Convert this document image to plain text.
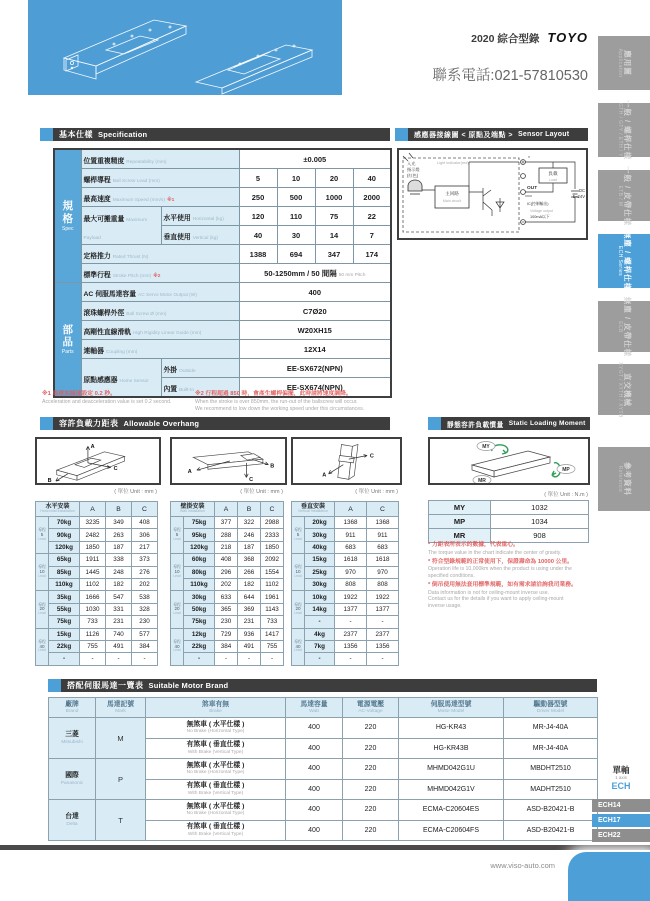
2020 綜合型錄 TOYO
聯系電話:021-57810530
基本仕樣 Specification	感應器接線圖 < 原點及端點 > Sensor Layout
容許負載力距表 Allowable Overhang	靜態容許負載慣量 Static Loading Moment
搭配伺服馬達一覽表 Suitable Motor Brand
規格
Spec	位置重複精度 Repeatability (mm)		±0.005			
	螺桿導程 Ball Screw Lead (mm)		5	10	20	40
	最高速度 Maximum Speed (mm/s) ※1		250	500	1000	2000
	最大可搬重量 Maximum Payload	水平使用 Horizontal (kg)	120	110	75	22
		垂直使用 Vertical (kg)	40	30	14	7
	定格推力 Rated Thrust (N)		1388	694	347	174
	標準行程 Stroke Pitch (mm) ※2		50-1250mm / 50 間隔 50 mm Pitch			

部品
Parts	AC 伺服馬達容量 AC Servo Motor Output (W)		400			
	滾珠螺桿外徑 Ball Screw Ø (mm)		C7Ø20			
	高剛性直線滑軌 High Rigidity Linear Guide (mm)		W20XH15			
	連軸器 Coupling (mm)		12X14			
	原點感應器 Home Sensor	外掛 Outside	EE-SX672(NPN)			
		內置 Built-In	EE-SX674(NPN)			
入光
指示燈
(紅色)
Light indicator(red)
主回路
Main circuit
*
OUT
IC(控制輸出)
Voltage output
100mA以下
負載
Load
DC
5~24V
※1 馬達加減速設定 0.2 秒。
Acceleration and deacceleration value is set 0.2 second.
※2 行程超過 850 時，會產生螺桿偏擺，此時請將速度調降。
When the stroke is over 850mm, the run-out of the ballscrew will occur.
We recommend to low down the working speed under this circumstances.
A
B
C	A
B
C
A
C
( 單位 Unit : mm )	( 單位 Unit : mm )	( 單位 Unit : mm )	( 單位 Unit : N.m )
MY
MP
MR
MY	1032
MP	1034
MR	908
* 力距表所表示的數據，代表重心。
The torque value in the chart indicate the center of gravity.
* 符合型錄規範的正常使用下，保證壽命為 10000 公里。
Operation life is 10,000km when the product is using under the
specified conditions.
* 倒吊使用無法套用標準規範，如有需求請洽詢我司業務。
Data information is not for ceiling-mount inverse use.
Contact us for the details if you want to apply ceiling-mount
inverse usage.
廠牌
Brand	馬達記號
Mark	煞車有無
Brake	馬達容量
Watt	電源電壓
AC-Voltage	伺服馬達型號
Motor Model	驅動器型號
Driver Model

三菱
Mitsubishi	M	無煞車 ( 水平仕樣 )
No Brake (Horizontal Type)	400	220	HG-KR43	MR-J4-40A

		有煞車 ( 垂直仕樣 )
With Brake (Vertical Type)	400	220	HG-KR43B	MR-J4-40A

國際
Panasonic	P	無煞車 ( 水平仕樣 )
No Brake (Horizontal Type)	400	220	MHMD042G1U	MBDHT2510

		有煞車 ( 垂直仕樣 )
With Brake (Vertical Type)	400	220	MHMD042G1V	MADHT2510

台達
Delta	T	無煞車 ( 水平仕樣 )
No Brake (Horizontal Type)	400	220	ECMA-C20604ES	ASD-B20421-B

		有煞車 ( 垂直仕樣 )
With Brake (Vertical Type)	400	220	ECMA-C20604FS	ASD-B20421-B
單軸
1 axis
ECH
www.viso-auto.com
應用圖
Application
一般 / 螺桿仕樣
GTH / GTY / ETH / Y
一般 / 皮帶仕樣
ETB / M
無塵 / 螺桿仕樣
ECH Series
無塵 / 皮帶仕樣
ECB
直交機械
XYGT / XYTH / XYTB
參考資料
Reference
水平安裝
Horizontal Installation		A	B	C

導程
5
Lead	70kg	3235	349	408
	90kg	2482	263	306
	120kg	1850	187	217

導程
10
Lead	65kg	1911	338	373
	85kg	1445	248	276
	110kg	1102	182	202

導程
20
Lead	35kg	1666	547	538
	55kg	1030	331	328
	75kg	733	231	230

導程
40
Lead	15kg	1126	740	577
	22kg	755	491	384
	-	-	-	-
壁掛安裝
Wall Installation		A	B	C

導程
5
Lead	75kg	377	322	2988
	95kg	288	246	2333
	120kg	218	187	1850

導程
10
Lead	60kg	408	368	2092
	80kg	296	266	1554
	110kg	202	182	1102

導程
20
Lead	30kg	633	644	1961
	50kg	365	369	1143
	75kg	230	231	733

導程
40
Lead	12kg	729	936	1417
	22kg	384	491	755
	-	-	-	-
垂直安裝
Vertical Installation		A	C

導程
5
Lead	20kg	1368	1368
	30kg	911	911
	40kg	683	683

導程
10
Lead	15kg	1618	1618
	25kg	970	970
	30kg	808	808

導程
20
Lead	10kg	1922	1922
	14kg	1377	1377
	-	-	-

導程
40
Lead	4kg	2377	2377
	7kg	1356	1356
	-	-	-
ECH14
ECH17
ECH22
